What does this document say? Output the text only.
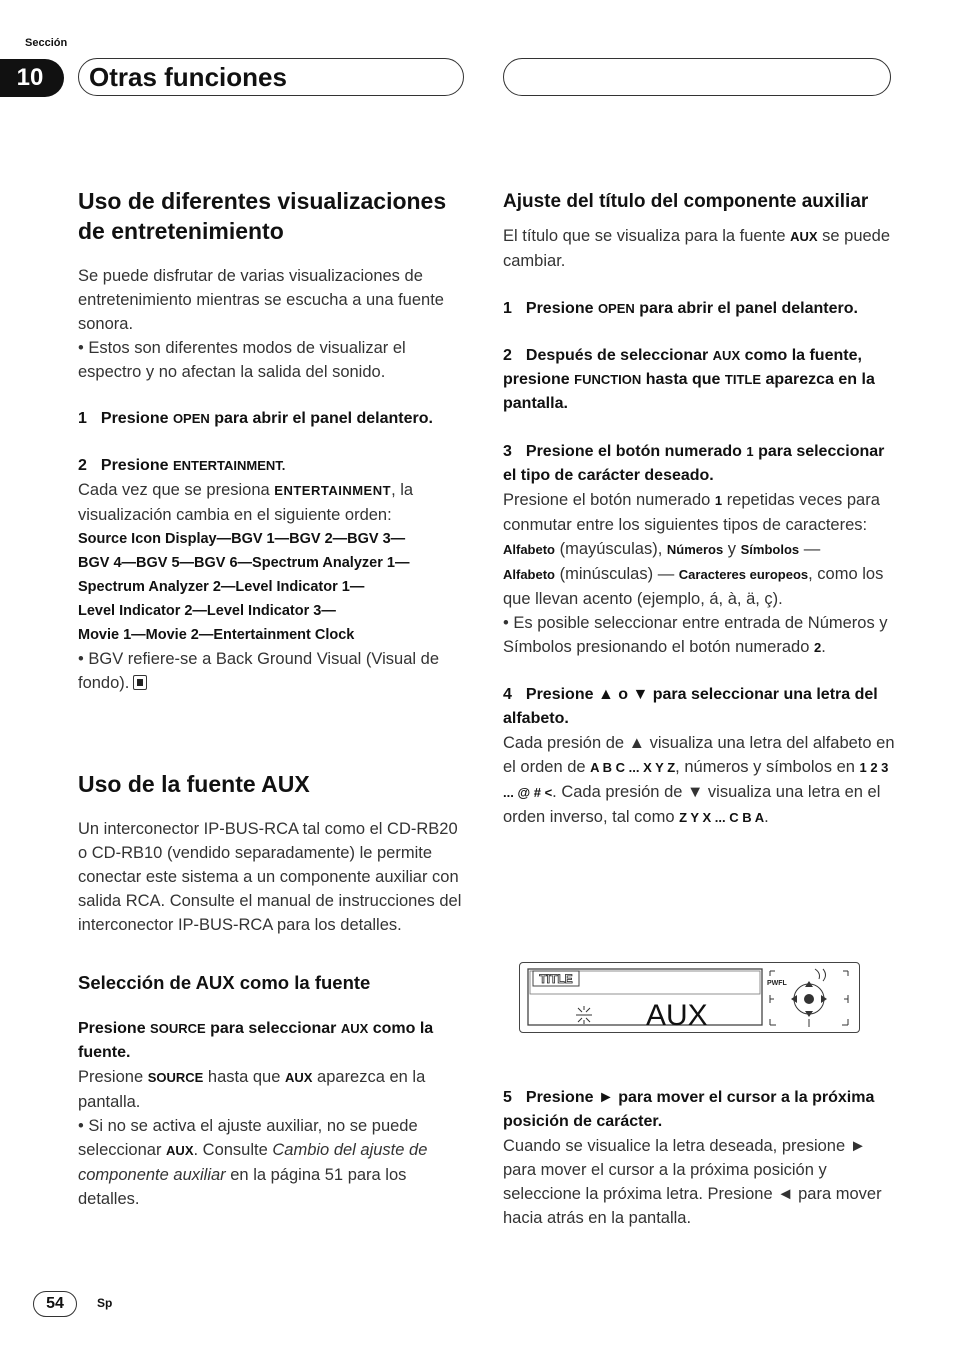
Sección
10 Otras funciones
Uso de diferentes visualizaciones de entretenimiento

Se puede disfrutar de varias visualizaciones de entretenimiento mientras se escucha a una fuente sonora.

• Estos son diferentes modos de visualizar el espectro y no afectan la salida del sonido.

1 Presione OPEN para abrir el panel delantero.
2 Presione ENTERTAINMENT.

Cada vez que se presiona ENTERTAINMENT, la visualización cambia en el siguiente orden:

Source Icon Display—BGV 1—BGV 2—BGV 3—
BGV 4—BGV 5—BGV 6—Spectrum Analyzer 1—
Spectrum Analyzer 2—Level Indicator 1—
Level Indicator 2—Level Indicator 3—
Movie 1—Movie 2—Entertainment Clock

• BGV refiere-se a Back Ground Visual (Visual de fondo).

Uso de la fuente AUX

Un interconector IP-BUS-RCA tal como el CD-RB20 o CD-RB10 (vendido separadamente) le permite conectar este sistema a un componente auxiliar con salida RCA. Consulte el manual de instrucciones del interconector IP-BUS-RCA para los detalles.

Selección de AUX como la fuente
Presione SOURCE para seleccionar AUX como la fuente.

Presione SOURCE hasta que AUX aparezca en la pantalla.

• Si no se activa el ajuste auxiliar, no se puede seleccionar AUX. Consulte Cambio del ajuste de componente auxiliar en la página 51 para los detalles.

Ajuste del título del componente auxiliar

El título que se visualiza para la fuente AUX se puede cambiar.

1 Presione OPEN para abrir el panel delantero.
2 Después de seleccionar AUX como la fuente, presione FUNCTION hasta que TITLE aparezca en la pantalla.
3 Presione el botón numerado 1 para seleccionar el tipo de carácter deseado.

Presione el botón numerado 1 repetidas veces para conmutar entre los siguientes tipos de caracteres:

Alfabeto (mayúsculas), Números y Símbolos —
Alfabeto (minúsculas) — Caracteres europeos, como los que llevan acento (ejemplo, á, à, ä, ç).

• Es posible seleccionar entre entrada de Números y Símbolos presionando el botón numerado 2.

4 Presione ▲ o ▼ para seleccionar una letra del alfabeto.

Cada presión de ▲ visualiza una letra del alfabeto en el orden de A B C ... X Y Z, números y símbolos en 1 2 3 ... @ # <. Cada presión de ▼ visualiza una letra en el orden inverso, tal como Z Y X ... C B A.

TITLE
AUX
PWFL
5 Presione ► para mover el cursor a la próxima posición de carácter.

Cuando se visualice la letra deseada, presione ► para mover el cursor a la próxima posición y seleccione la próxima letra. Presione ◄ para mover hacia atrás en la pantalla.

54	Sp
